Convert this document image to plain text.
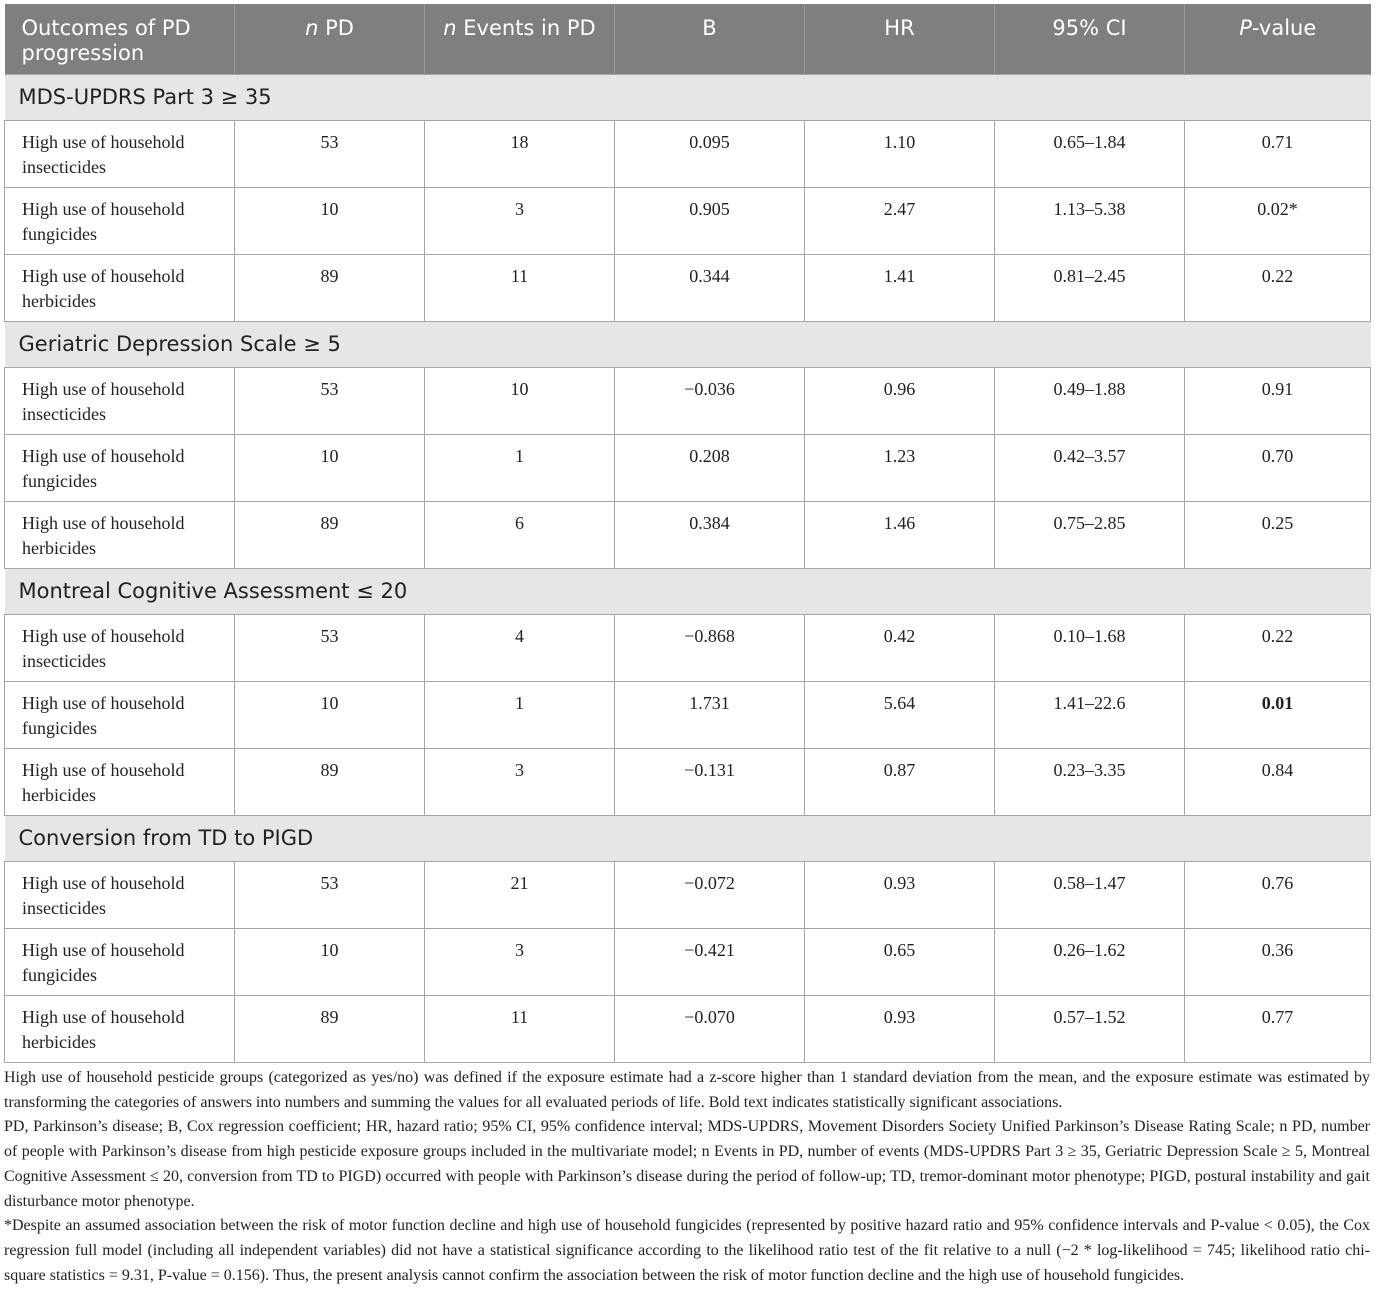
Outcomes of PD progression	n PD	n Events in PD	B	HR	95% CI	P-value
MDS-UPDRS Part 3 ≥ 35						
High use of household insecticides	53	18	0.095	1.10	0.65–1.84	0.71
High use of household fungicides	10	3	0.905	2.47	1.13–5.38	0.02*
High use of household herbicides	89	11	0.344	1.41	0.81–2.45	0.22
Geriatric Depression Scale ≥ 5						
High use of household insecticides	53	10	−0.036	0.96	0.49–1.88	0.91
High use of household fungicides	10	1	0.208	1.23	0.42–3.57	0.70
High use of household herbicides	89	6	0.384	1.46	0.75–2.85	0.25
Montreal Cognitive Assessment ≤ 20						
High use of household insecticides	53	4	−0.868	0.42	0.10–1.68	0.22
High use of household fungicides	10	1	1.731	5.64	1.41–22.6	0.01
High use of household herbicides	89	3	−0.131	0.87	0.23–3.35	0.84
Conversion from TD to PIGD						
High use of household insecticides	53	21	−0.072	0.93	0.58–1.47	0.76
High use of household fungicides	10	3	−0.421	0.65	0.26–1.62	0.36
High use of household herbicides	89	11	−0.070	0.93	0.57–1.52	0.77

High use of household pesticide groups (categorized as yes/no) was defined if the exposure estimate had a z-score higher than 1 standard deviation from the mean, and the exposure estimate was estimated by transforming the categories of answers into numbers and summing the values for all evaluated periods of life. Bold text indicates statistically significant associations.

PD, Parkinson’s disease; B, Cox regression coefficient; HR, hazard ratio; 95% CI, 95% confidence interval; MDS-UPDRS, Movement Disorders Society Unified Parkinson’s Disease Rating Scale; n PD, number of people with Parkinson’s disease from high pesticide exposure groups included in the multivariate model; n Events in PD, number of events (MDS-UPDRS Part 3 ≥ 35, Geriatric Depression Scale ≥ 5, Montreal Cognitive Assessment ≤ 20, conversion from TD to PIGD) occurred with people with Parkinson’s disease during the period of follow-up; TD, tremor-dominant motor phenotype; PIGD, postural instability and gait disturbance motor phenotype.

*Despite an assumed association between the risk of motor function decline and high use of household fungicides (represented by positive hazard ratio and 95% confidence intervals and P-value < 0.05), the Cox regression full model (including all independent variables) did not have a statistical significance according to the likelihood ratio test of the fit relative to a null (−2 * log-likelihood = 745; likelihood ratio chi-square statistics = 9.31, P-value = 0.156). Thus, the present analysis cannot confirm the association between the risk of motor function decline and the high use of household fungicides.
